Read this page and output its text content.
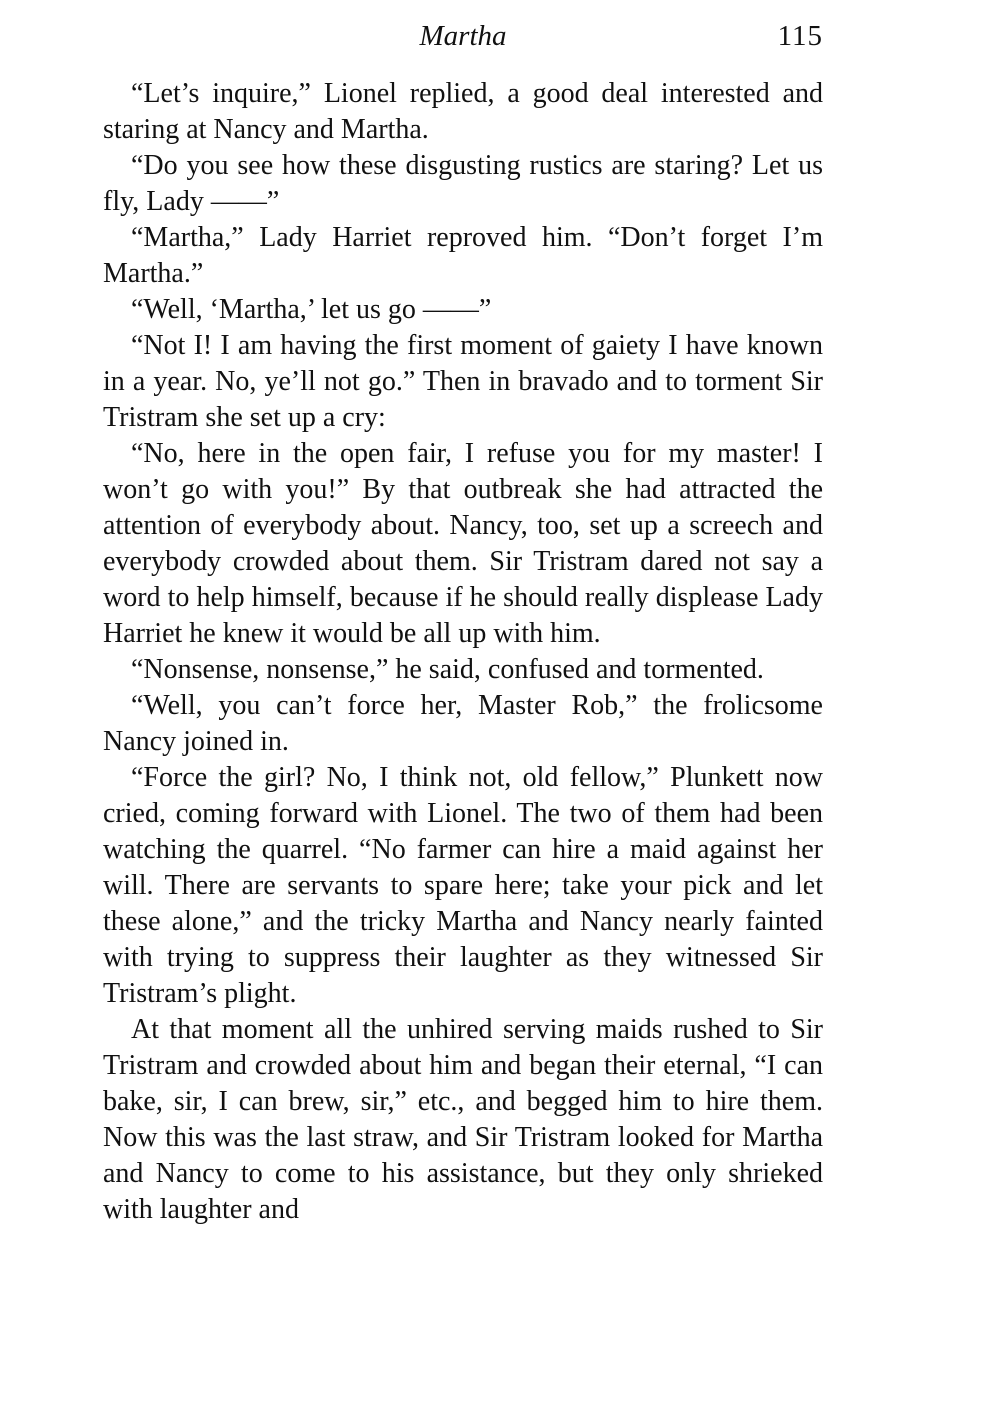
Martha	115

“Let’s inquire,” Lionel replied, a good deal interested and staring at Nancy and Martha.

“Do you see how these disgusting rustics are staring? Let us fly, Lady ——”

“Martha,” Lady Harriet reproved him. “Don’t forget I’m Martha.”

“Well, ‘Martha,’ let us go ——”

“Not I! I am having the first moment of gaiety I have known in a year. No, ye’ll not go.” Then in bravado and to torment Sir Tristram she set up a cry:

“No, here in the open fair, I refuse you for my master! I won’t go with you!” By that outbreak she had attracted the attention of everybody about. Nancy, too, set up a screech and everybody crowded about them. Sir Tristram dared not say a word to help himself, because if he should really displease Lady Harriet he knew it would be all up with him.

“Nonsense, nonsense,” he said, confused and tormented.

“Well, you can’t force her, Master Rob,” the frolicsome Nancy joined in.

“Force the girl? No, I think not, old fellow,” Plunkett now cried, coming forward with Lionel. The two of them had been watching the quarrel. “No farmer can hire a maid against her will. There are servants to spare here; take your pick and let these alone,” and the tricky Martha and Nancy nearly fainted with trying to suppress their laughter as they witnessed Sir Tristram’s plight.

At that moment all the unhired serving maids rushed to Sir Tristram and crowded about him and began their eternal, “I can bake, sir, I can brew, sir,” etc., and begged him to hire them. Now this was the last straw, and Sir Tristram looked for Martha and Nancy to come to his assistance, but they only shrieked with laughter and
